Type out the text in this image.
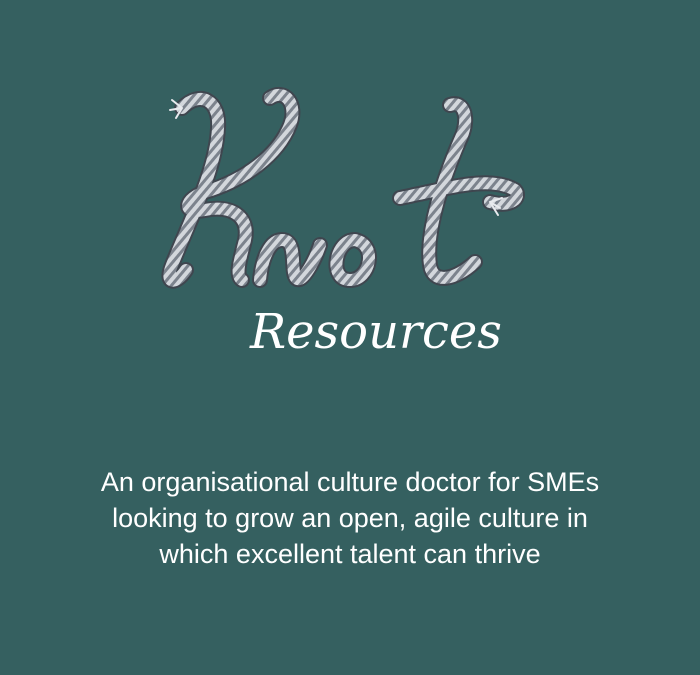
Resources

An organisational culture doctor for SMEs
looking to grow an open, agile culture in
which excellent talent can thrive
